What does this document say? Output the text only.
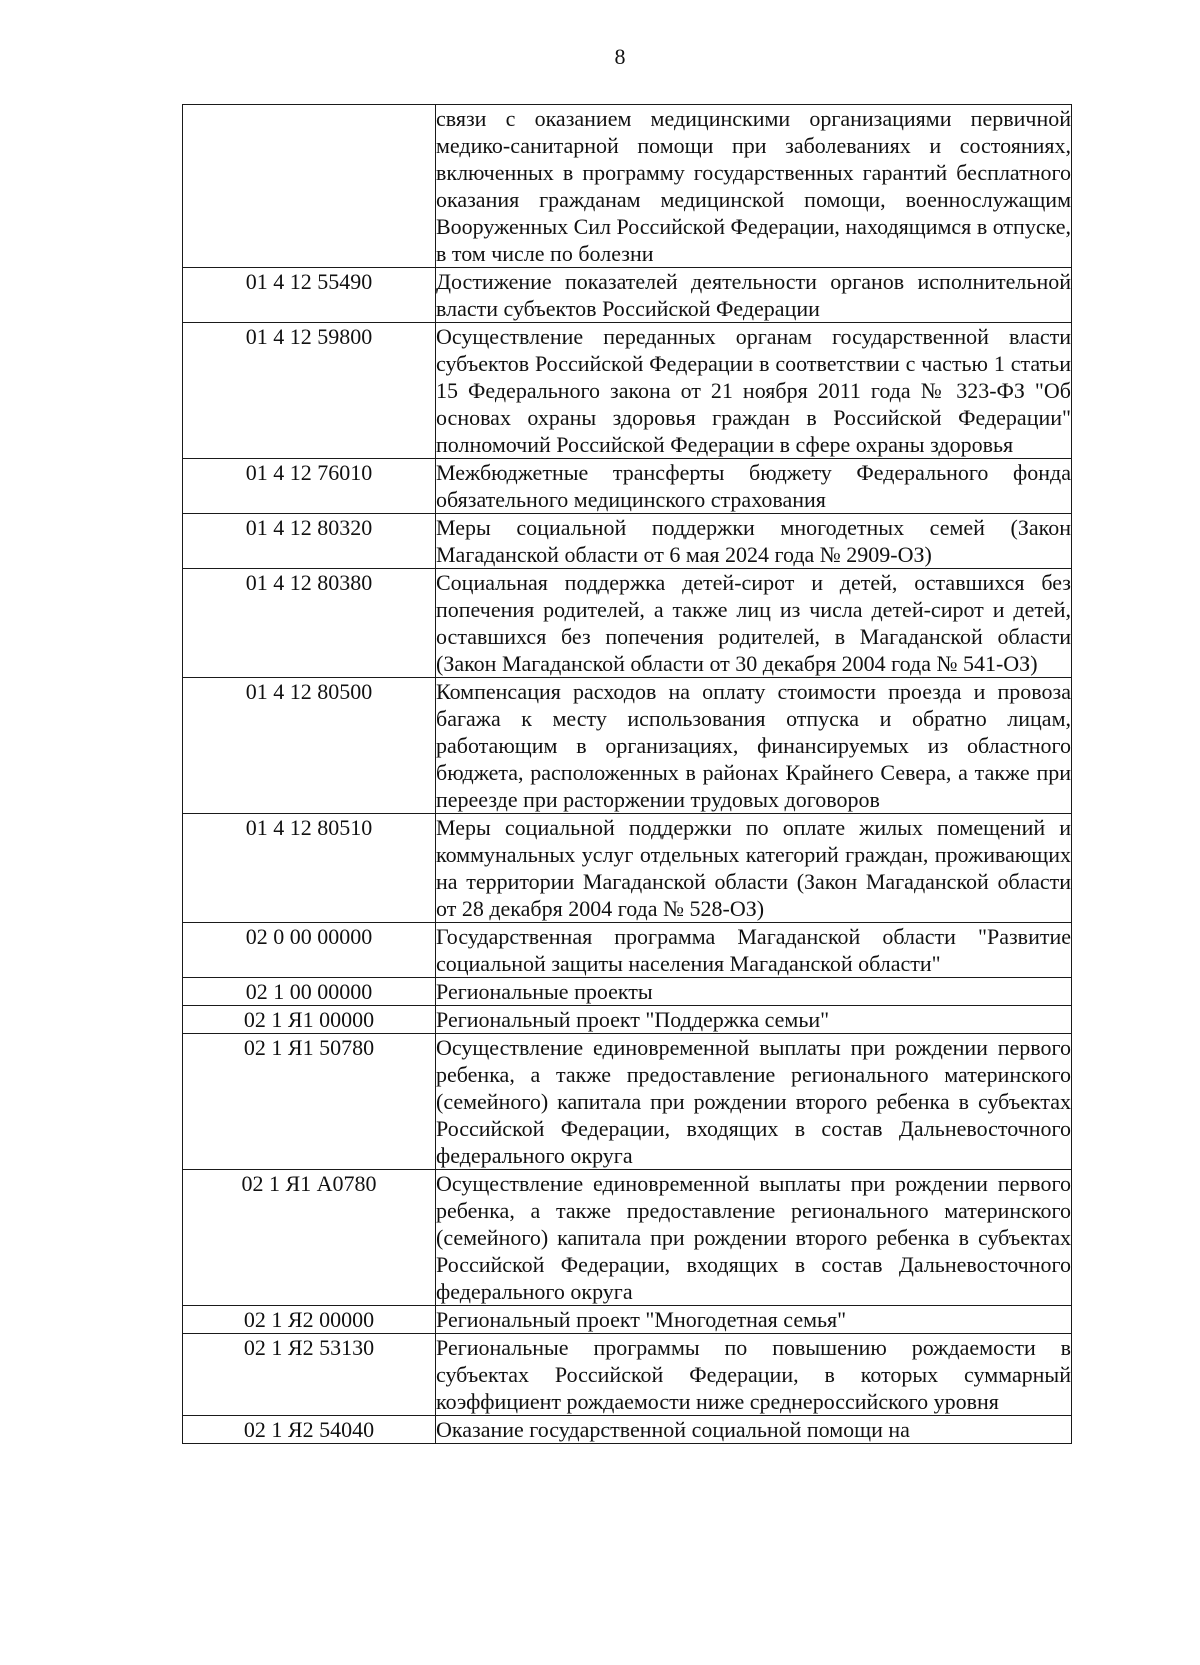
8
	связи с оказанием медицинскими организациями первичной медико-санитарной помощи при заболеваниях и состояниях, включенных в программу государственных гарантий бесплатного оказания гражданам медицинской помощи, военнослужащим Вооруженных Сил Российской Федерации, находящимся в отпуске, в том числе по болезни
01 4 12 55490	Достижение показателей деятельности органов исполнительной власти субъектов Российской Федерации
01 4 12 59800	Осуществление переданных органам государственной власти субъектов Российской Федерации в соответствии с частью 1 статьи 15 Федерального закона от 21 ноября 2011 года № 323-ФЗ "Об основах охраны здоровья граждан в Российской Федерации" полномочий Российской Федерации в сфере охраны здоровья
01 4 12 76010	Межбюджетные трансферты бюджету Федерального фонда обязательного медицинского страхования
01 4 12 80320	Меры социальной поддержки многодетных семей (Закон Магаданской области от 6 мая 2024 года № 2909-ОЗ)
01 4 12 80380	Социальная поддержка детей-сирот и детей, оставшихся без попечения родителей, а также лиц из числа детей-сирот и детей, оставшихся без попечения родителей, в Магаданской области (Закон Магаданской области от 30 декабря 2004 года № 541-ОЗ)
01 4 12 80500	Компенсация расходов на оплату стоимости проезда и провоза багажа к месту использования отпуска и обратно лицам, работающим в организациях, финансируемых из областного бюджета, расположенных в районах Крайнего Севера, а также при переезде при расторжении трудовых договоров
01 4 12 80510	Меры социальной поддержки по оплате жилых помещений и коммунальных услуг отдельных категорий граждан, проживающих на территории Магаданской области (Закон Магаданской области от 28 декабря 2004 года № 528-ОЗ)
02 0 00 00000	Государственная программа Магаданской области "Развитие социальной защиты населения Магаданской области"
02 1 00 00000	Региональные проекты
02 1 Я1 00000	Региональный проект "Поддержка семьи"
02 1 Я1 50780	Осуществление единовременной выплаты при рождении первого ребенка, а также предоставление регионального материнского (семейного) капитала при рождении второго ребенка в субъектах Российской Федерации, входящих в состав Дальневосточного федерального округа
02 1 Я1 А0780	Осуществление единовременной выплаты при рождении первого ребенка, а также предоставление регионального материнского (семейного) капитала при рождении второго ребенка в субъектах Российской Федерации, входящих в состав Дальневосточного федерального округа
02 1 Я2 00000	Региональный проект "Многодетная семья"
02 1 Я2 53130	Региональные программы по повышению рождаемости в субъектах Российской Федерации, в которых суммарный коэффициент рождаемости ниже среднероссийского уровня
02 1 Я2 54040	Оказание государственной социальной помощи на
